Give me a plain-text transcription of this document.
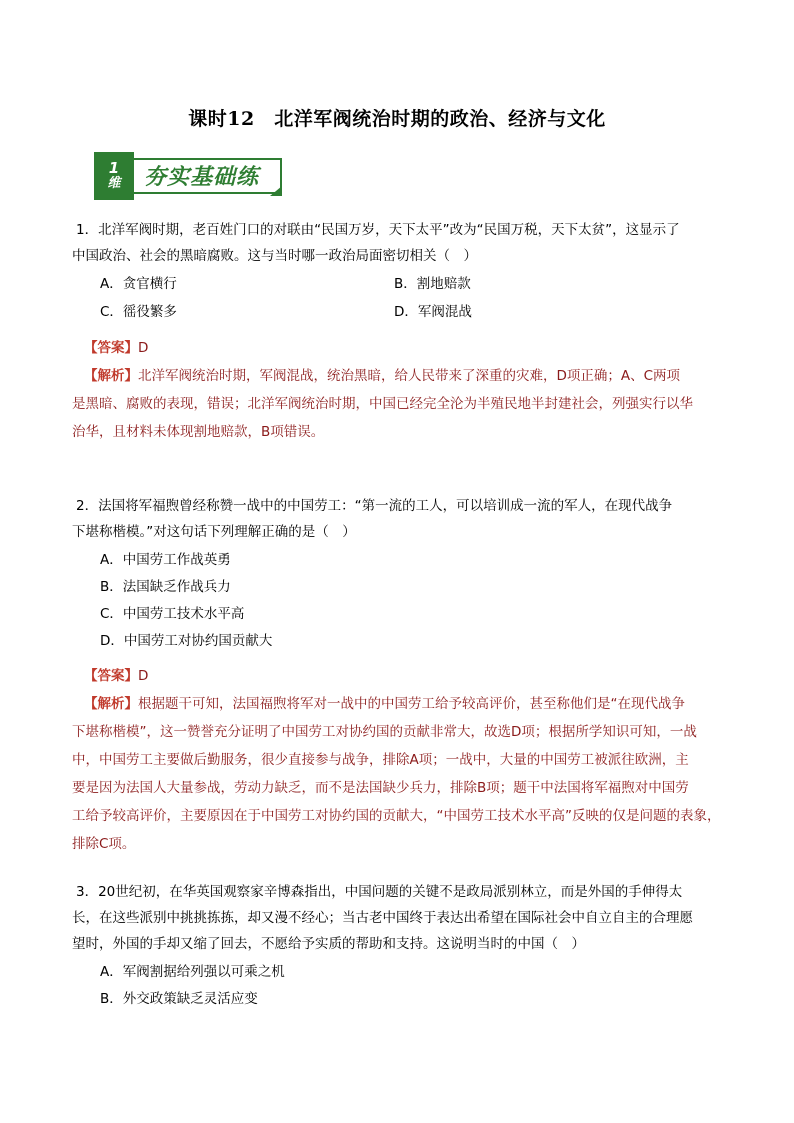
课时12　北洋军阀统治时期的政治、经济与文化
1
维 夯实基础练
1．北洋军阀时期，老百姓门口的对联由“民国万岁，天下太平”改为“民国万税，天下太贫”，这显示了
中国政治、社会的黑暗腐败。这与当时哪一政治局面密切相关（　）
A．贪官横行	B．割地赔款
C．徭役繁多	D．军阀混战
【答案】D
【解析】北洋军阀统治时期，军阀混战，统治黑暗，给人民带来了深重的灾难，D项正确；A、C两项
是黑暗、腐败的表现，错误；北洋军阀统治时期，中国已经完全沦为半殖民地半封建社会，列强实行以华
治华，且材料未体现割地赔款，B项错误。
2．法国将军福煦曾经称赞一战中的中国劳工：“第一流的工人，可以培训成一流的军人，在现代战争
下堪称楷模。”对这句话下列理解正确的是（　）
A．中国劳工作战英勇
B．法国缺乏作战兵力
C．中国劳工技术水平高
D．中国劳工对协约国贡献大
【答案】D
【解析】根据题干可知，法国福煦将军对一战中的中国劳工给予较高评价，甚至称他们是“在现代战争
下堪称楷模”，这一赞誉充分证明了中国劳工对协约国的贡献非常大，故选D项；根据所学知识可知，一战
中，中国劳工主要做后勤服务，很少直接参与战争，排除A项；一战中，大量的中国劳工被派往欧洲，主
要是因为法国人大量参战，劳动力缺乏，而不是法国缺少兵力，排除B项；题干中法国将军福煦对中国劳
工给予较高评价，主要原因在于中国劳工对协约国的贡献大，“中国劳工技术水平高”反映的仅是问题的表象，
排除C项。
3．20世纪初，在华英国观察家辛博森指出，中国问题的关键不是政局派别林立，而是外国的手伸得太
长，在这些派别中挑挑拣拣，却又漫不经心；当古老中国终于表达出希望在国际社会中自立自主的合理愿
望时，外国的手却又缩了回去，不愿给予实质的帮助和支持。这说明当时的中国（　）
A．军阀割据给列强以可乘之机
B．外交政策缺乏灵活应变
